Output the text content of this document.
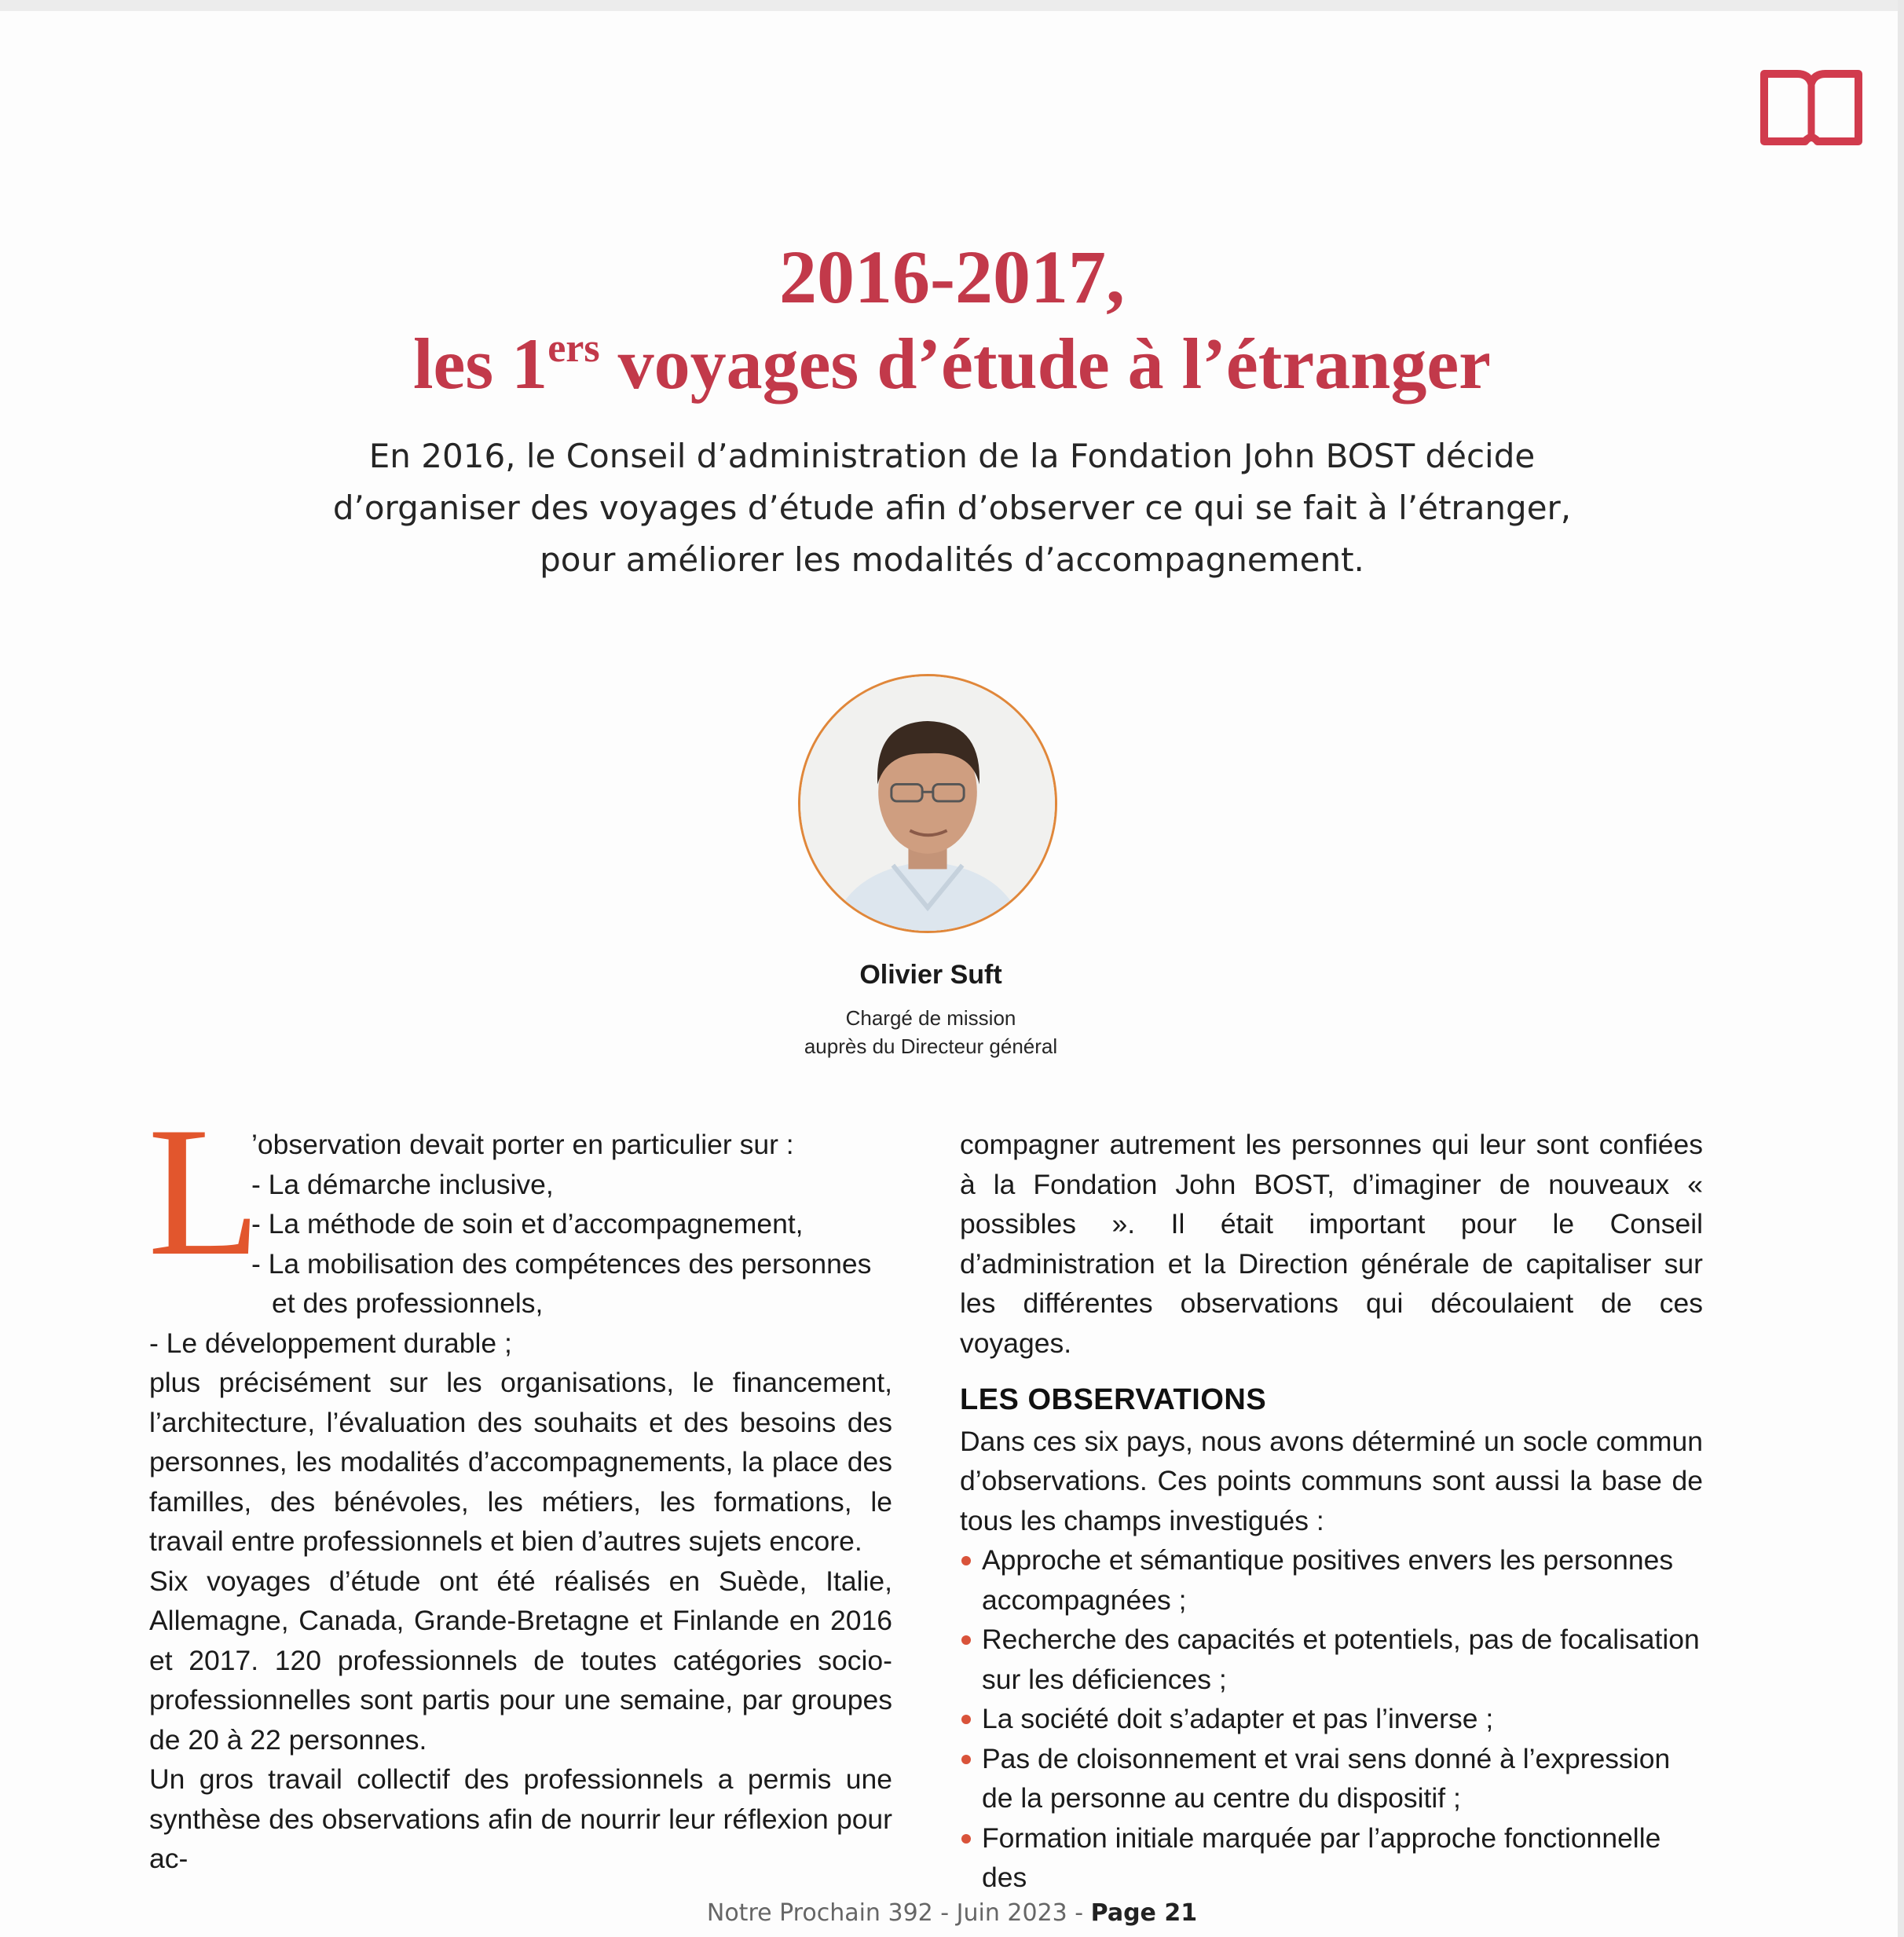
2016-2017,
les 1ers voyages d’étude à l’étranger
En 2016, le Conseil d’administration de la Fondation John BOST décide
d’organiser des voyages d’étude afin d’observer ce qui se fait à l’étranger,
pour améliorer les modalités d’accompagnement.
Olivier Suft
Chargé de mission
auprès du Directeur général
L
’observation devait porter en particulier sur :
- La démarche inclusive,
- La méthode de soin et d’accompagnement,
- La mobilisation des compétences des personnes et des professionnels,
- Le développement durable ;

plus précisément sur les organisations, le financement, l’architecture, l’évaluation des souhaits et des besoins des personnes, les modalités d’accompagnements, la place des familles, des bénévoles, les métiers, les formations, le travail entre professionnels et bien d’autres sujets encore.

Six voyages d’étude ont été réalisés en Suède, Italie, Allemagne, Canada, Grande-Bretagne et Finlande en 2016 et 2017. 120 professionnels de toutes catégories socio-professionnelles sont partis pour une semaine, par groupes de 20 à 22 personnes.

Un gros travail collectif des professionnels a permis une synthèse des observations afin de nourrir leur réflexion pour ac-

compagner autrement les personnes qui leur sont confiées à la Fondation John BOST, d’imaginer de nouveaux « possibles ». Il était important pour le Conseil d’administration et la Direction générale de capitaliser sur les différentes observations qui découlaient de ces voyages.

LES OBSERVATIONS

Dans ces six pays, nous avons déterminé un socle commun d’observations. Ces points communs sont aussi la base de tous les champs investigués :

Approche et sémantique positives envers les personnes accompagnées ;
Recherche des capacités et potentiels, pas de focalisation sur les déficiences ;
La société doit s’adapter et pas l’inverse ;
Pas de cloisonnement et vrai sens donné à l’expression de la personne au centre du dispositif ;
Formation initiale marquée par l’approche fonctionnelle des
Notre Prochain 392 - Juin 2023 - Page 21
